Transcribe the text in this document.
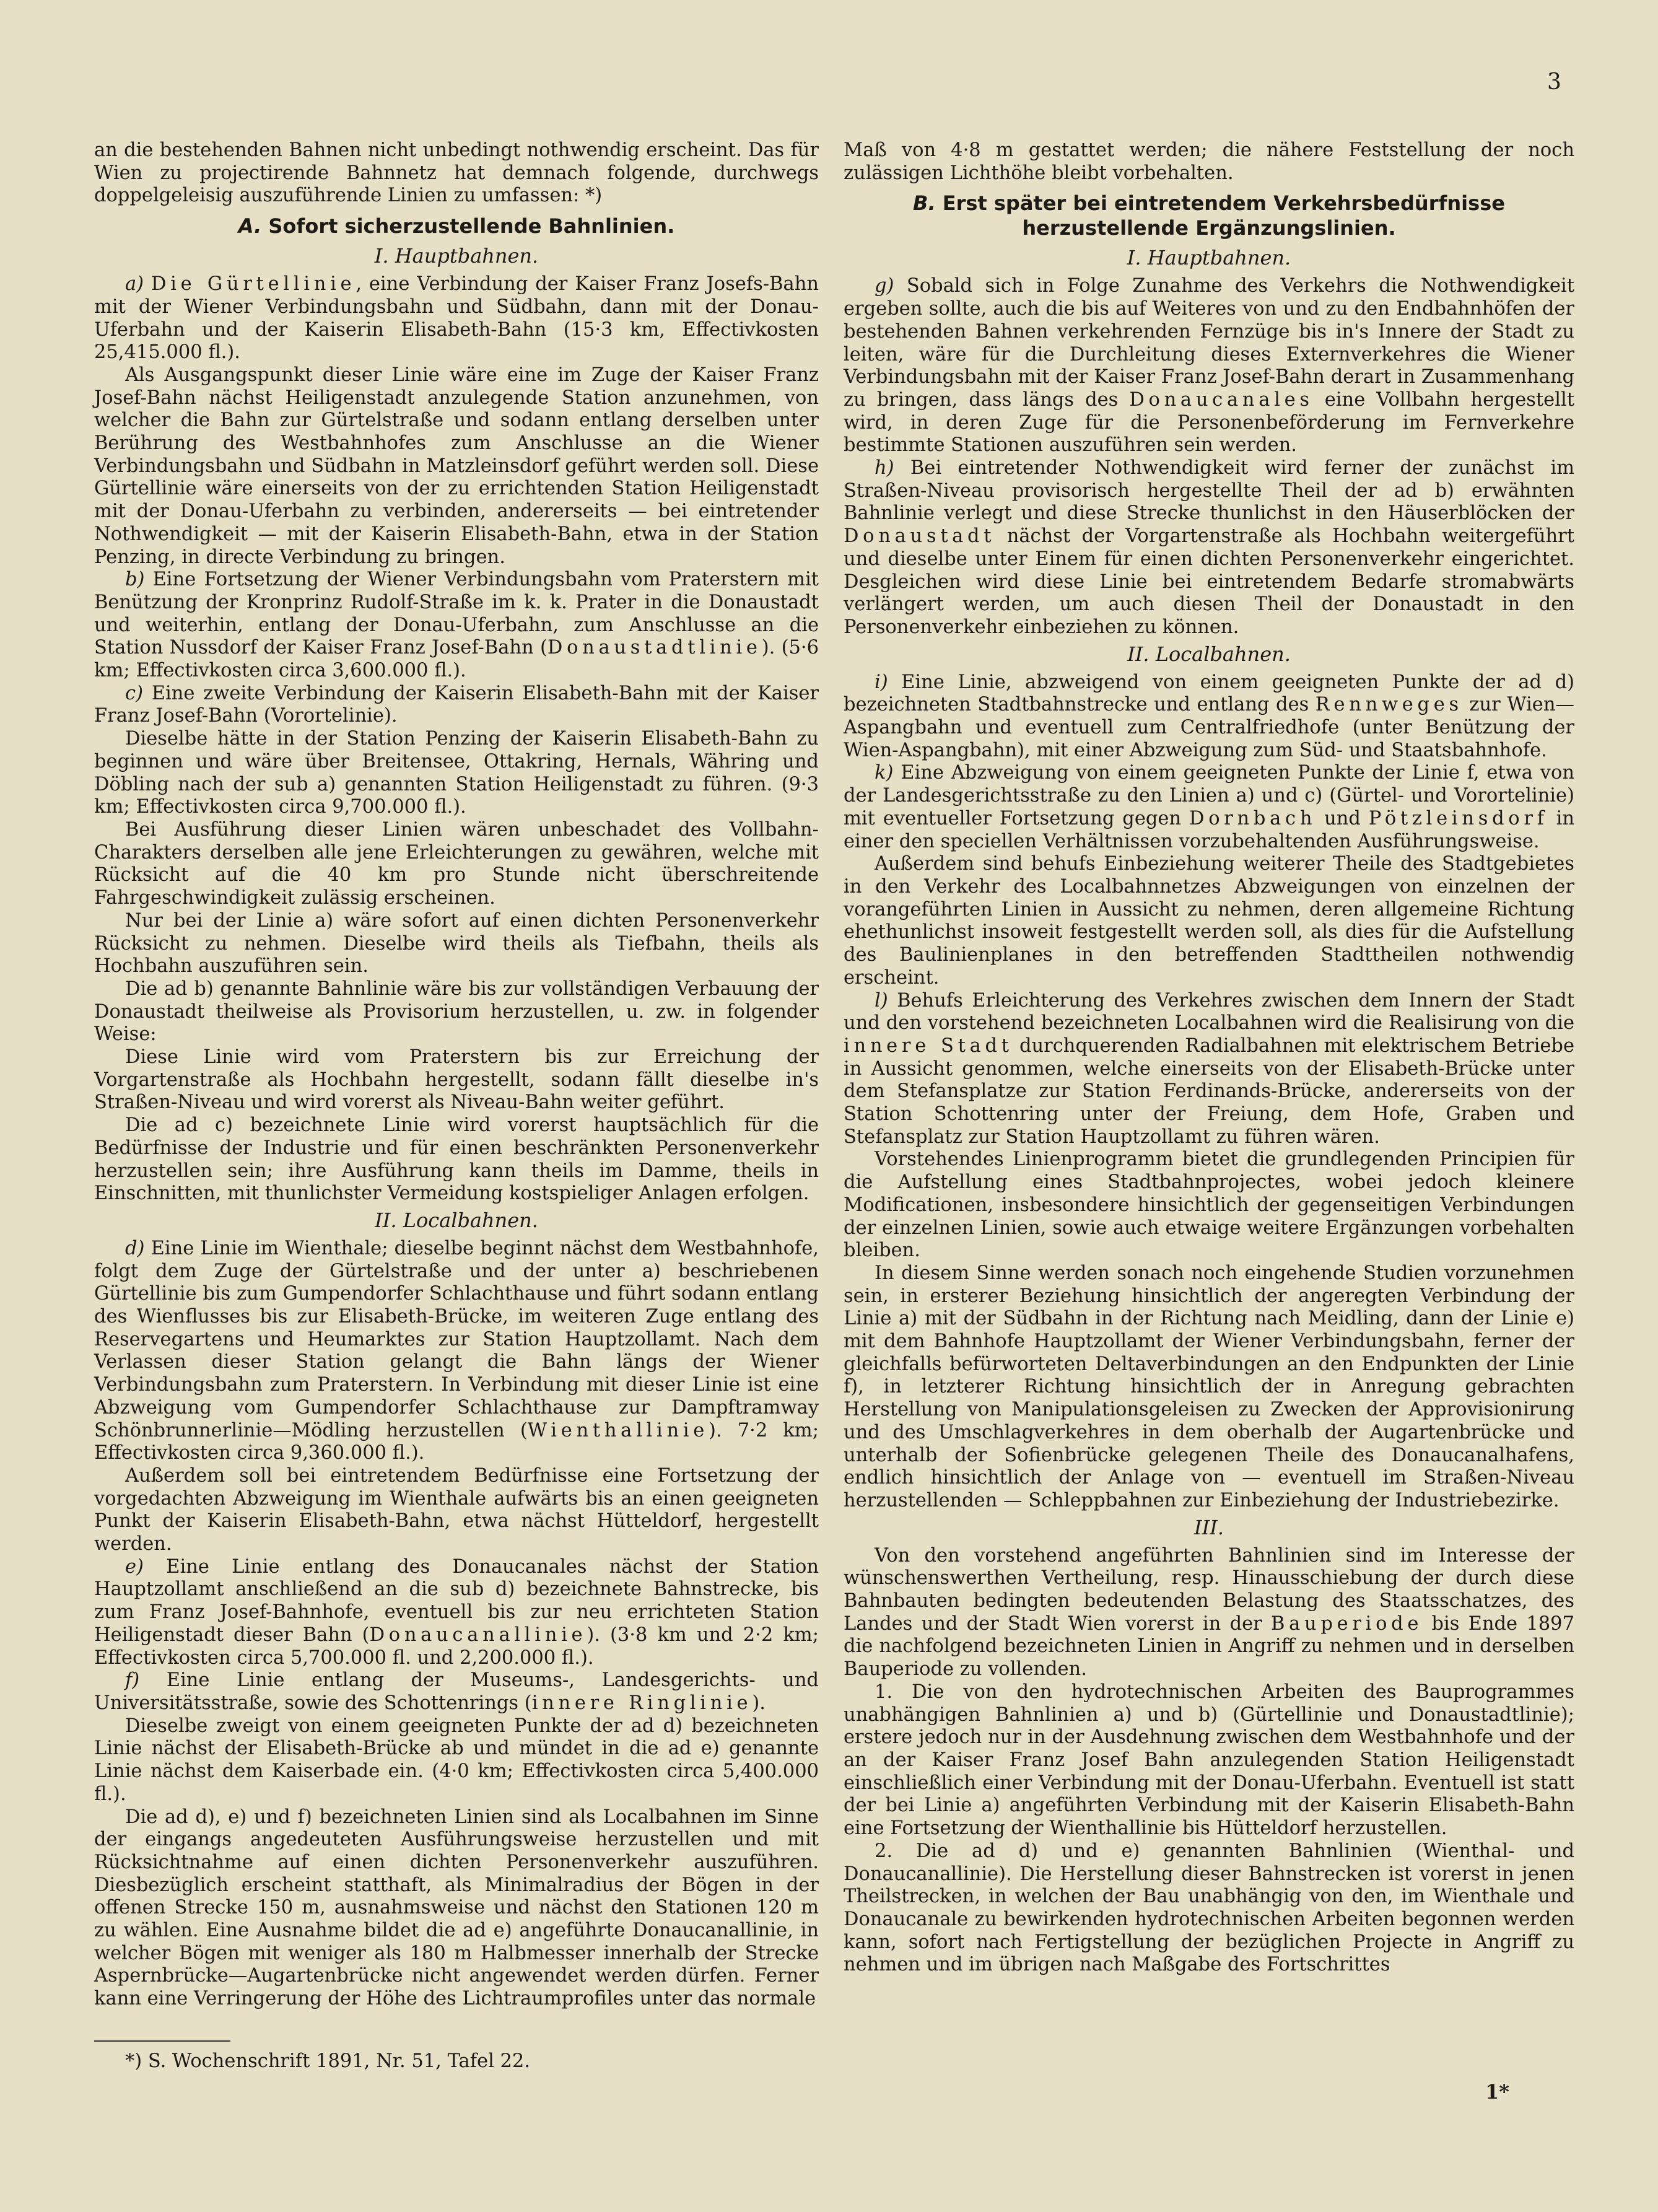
3

an die bestehenden Bahnen nicht unbedingt nothwendig erscheint. Das für Wien zu projectirende Bahnnetz hat demnach folgende, durchwegs doppelgeleisig auszuführende Linien zu umfassen: *)

A. Sofort sicherzustellende Bahnlinien.
I. Hauptbahnen.

a) Die Gürtellinie, eine Verbindung der Kaiser Franz Josefs-Bahn mit der Wiener Verbindungsbahn und Südbahn, dann mit der Donau-Uferbahn und der Kaiserin Elisabeth-Bahn (15·3 km, Effectivkosten 25,415.000 fl.).

Als Ausgangspunkt dieser Linie wäre eine im Zuge der Kaiser Franz Josef-Bahn nächst Heiligenstadt anzulegende Station anzunehmen, von welcher die Bahn zur Gürtelstraße und sodann entlang derselben unter Berührung des Westbahnhofes zum Anschlusse an die Wiener Verbindungsbahn und Südbahn in Matzleinsdorf geführt werden soll. Diese Gürtellinie wäre einerseits von der zu errichtenden Station Heiligenstadt mit der Donau-Uferbahn zu verbinden, andererseits — bei eintretender Nothwendigkeit — mit der Kaiserin Elisabeth-Bahn, etwa in der Station Penzing, in directe Verbindung zu bringen.

b) Eine Fortsetzung der Wiener Verbindungsbahn vom Praterstern mit Benützung der Kronprinz Rudolf-Straße im k. k. Prater in die Donaustadt und weiterhin, entlang der Donau-Uferbahn, zum Anschlusse an die Station Nussdorf der Kaiser Franz Josef-Bahn (Donaustadtlinie). (5·6 km; Effectivkosten circa 3,600.000 fl.).

c) Eine zweite Verbindung der Kaiserin Elisabeth-Bahn mit der Kaiser Franz Josef-Bahn (Vorortelinie).

Dieselbe hätte in der Station Penzing der Kaiserin Elisabeth-Bahn zu beginnen und wäre über Breitensee, Ottakring, Hernals, Währing und Döbling nach der sub a) genannten Station Heiligenstadt zu führen. (9·3 km; Effectivkosten circa 9,700.000 fl.).

Bei Ausführung dieser Linien wären unbeschadet des Vollbahn-Charakters derselben alle jene Erleichterungen zu gewähren, welche mit Rücksicht auf die 40 km pro Stunde nicht überschreitende Fahrgeschwindigkeit zulässig erscheinen.

Nur bei der Linie a) wäre sofort auf einen dichten Personenverkehr Rücksicht zu nehmen. Dieselbe wird theils als Tiefbahn, theils als Hochbahn auszuführen sein.

Die ad b) genannte Bahnlinie wäre bis zur vollständigen Verbauung der Donaustadt theilweise als Provisorium herzustellen, u. zw. in folgender Weise:

Diese Linie wird vom Praterstern bis zur Erreichung der Vorgartenstraße als Hochbahn hergestellt, sodann fällt dieselbe in's Straßen-Niveau und wird vorerst als Niveau-Bahn weiter geführt.

Die ad c) bezeichnete Linie wird vorerst hauptsächlich für die Bedürfnisse der Industrie und für einen beschränkten Personenverkehr herzustellen sein; ihre Ausführung kann theils im Damme, theils in Einschnitten, mit thunlichster Vermeidung kostspieliger Anlagen erfolgen.

II. Localbahnen.

d) Eine Linie im Wienthale; dieselbe beginnt nächst dem Westbahnhofe, folgt dem Zuge der Gürtelstraße und der unter a) beschriebenen Gürtellinie bis zum Gumpendorfer Schlachthause und führt sodann entlang des Wienflusses bis zur Elisabeth-Brücke, im weiteren Zuge entlang des Reservegartens und Heumarktes zur Station Hauptzollamt. Nach dem Verlassen dieser Station gelangt die Bahn längs der Wiener Verbindungsbahn zum Praterstern. In Verbindung mit dieser Linie ist eine Abzweigung vom Gumpendorfer Schlachthause zur Dampftramway Schönbrunnerlinie—Mödling herzustellen (Wienthallinie). 7·2 km; Effectivkosten circa 9,360.000 fl.).

Außerdem soll bei eintretendem Bedürfnisse eine Fortsetzung der vorgedachten Abzweigung im Wienthale aufwärts bis an einen geeigneten Punkt der Kaiserin Elisabeth-Bahn, etwa nächst Hütteldorf, hergestellt werden.

e) Eine Linie entlang des Donaucanales nächst der Station Hauptzollamt anschließend an die sub d) bezeichnete Bahnstrecke, bis zum Franz Josef-Bahnhofe, eventuell bis zur neu errichteten Station Heiligenstadt dieser Bahn (Donaucanallinie). (3·8 km und 2·2 km; Effectivkosten circa 5,700.000 fl. und 2,200.000 fl.).

f) Eine Linie entlang der Museums-, Landesgerichts- und Universitätsstraße, sowie des Schottenrings (innere Ringlinie).

Dieselbe zweigt von einem geeigneten Punkte der ad d) bezeichneten Linie nächst der Elisabeth-Brücke ab und mündet in die ad e) genannte Linie nächst dem Kaiserbade ein. (4·0 km; Effectivkosten circa 5,400.000 fl.).

Die ad d), e) und f) bezeichneten Linien sind als Localbahnen im Sinne der eingangs angedeuteten Ausführungsweise herzustellen und mit Rücksichtnahme auf einen dichten Personenverkehr auszuführen. Diesbezüglich erscheint statthaft, als Minimalradius der Bögen in der offenen Strecke 150 m, ausnahmsweise und nächst den Stationen 120 m zu wählen. Eine Ausnahme bildet die ad e) angeführte Donaucanallinie, in welcher Bögen mit weniger als 180 m Halbmesser innerhalb der Strecke Aspernbrücke—Augartenbrücke nicht angewendet werden dürfen. Ferner kann eine Verringerung der Höhe des Lichtraumprofiles unter das normale

*) S. Wochenschrift 1891, Nr. 51, Tafel 22.

Maß von 4·8 m gestattet werden; die nähere Feststellung der noch zulässigen Lichthöhe bleibt vorbehalten.

B. Erst später bei eintretendem Verkehrsbedürfnisse herzustellende Ergänzungslinien.
I. Hauptbahnen.

g) Sobald sich in Folge Zunahme des Verkehrs die Nothwendigkeit ergeben sollte, auch die bis auf Weiteres von und zu den Endbahnhöfen der bestehenden Bahnen verkehrenden Fernzüge bis in's Innere der Stadt zu leiten, wäre für die Durchleitung dieses Externverkehres die Wiener Verbindungsbahn mit der Kaiser Franz Josef-Bahn derart in Zusammenhang zu bringen, dass längs des Donaucanales eine Vollbahn hergestellt wird, in deren Zuge für die Personenbeförderung im Fernverkehre bestimmte Stationen auszuführen sein werden.

h) Bei eintretender Nothwendigkeit wird ferner der zunächst im Straßen-Niveau provisorisch hergestellte Theil der ad b) erwähnten Bahnlinie verlegt und diese Strecke thunlichst in den Häuserblöcken der Donaustadt nächst der Vorgartenstraße als Hochbahn weitergeführt und dieselbe unter Einem für einen dichten Personenverkehr eingerichtet. Desgleichen wird diese Linie bei eintretendem Bedarfe stromabwärts verlängert werden, um auch diesen Theil der Donaustadt in den Personenverkehr einbeziehen zu können.

II. Localbahnen.

i) Eine Linie, abzweigend von einem geeigneten Punkte der ad d) bezeichneten Stadtbahnstrecke und entlang des Rennweges zur Wien—Aspangbahn und eventuell zum Centralfriedhofe (unter Benützung der Wien-Aspangbahn), mit einer Abzweigung zum Süd- und Staatsbahnhofe.

k) Eine Abzweigung von einem geeigneten Punkte der Linie f, etwa von der Landesgerichtsstraße zu den Linien a) und c) (Gürtel- und Vorortelinie) mit eventueller Fortsetzung gegen Dornbach und Pötzleinsdorf in einer den speciellen Verhältnissen vorzubehaltenden Ausführungsweise.

Außerdem sind behufs Einbeziehung weiterer Theile des Stadtgebietes in den Verkehr des Localbahnnetzes Abzweigungen von einzelnen der vorangeführten Linien in Aussicht zu nehmen, deren allgemeine Richtung ehethunlichst insoweit festgestellt werden soll, als dies für die Aufstellung des Baulinienplanes in den betreffenden Stadttheilen nothwendig erscheint.

l) Behufs Erleichterung des Verkehres zwischen dem Innern der Stadt und den vorstehend bezeichneten Localbahnen wird die Realisirung von die innere Stadt durchquerenden Radialbahnen mit elektrischem Betriebe in Aussicht genommen, welche einerseits von der Elisabeth-Brücke unter dem Stefansplatze zur Station Ferdinands-Brücke, andererseits von der Station Schottenring unter der Freiung, dem Hofe, Graben und Stefansplatz zur Station Hauptzollamt zu führen wären.

Vorstehendes Linienprogramm bietet die grundlegenden Principien für die Aufstellung eines Stadtbahnprojectes, wobei jedoch kleinere Modificationen, insbesondere hinsichtlich der gegenseitigen Verbindungen der einzelnen Linien, sowie auch etwaige weitere Ergänzungen vorbehalten bleiben.

In diesem Sinne werden sonach noch eingehende Studien vorzunehmen sein, in ersterer Beziehung hinsichtlich der angeregten Verbindung der Linie a) mit der Südbahn in der Richtung nach Meidling, dann der Linie e) mit dem Bahnhofe Hauptzollamt der Wiener Verbindungsbahn, ferner der gleichfalls befürworteten Deltaverbindungen an den Endpunkten der Linie f), in letzterer Richtung hinsichtlich der in Anregung gebrachten Herstellung von Manipulationsgeleisen zu Zwecken der Approvisionirung und des Umschlagverkehres in dem oberhalb der Augartenbrücke und unterhalb der Sofienbrücke gelegenen Theile des Donaucanalhafens, endlich hinsichtlich der Anlage von — eventuell im Straßen-Niveau herzustellenden — Schleppbahnen zur Einbeziehung der Industriebezirke.

III.

Von den vorstehend angeführten Bahnlinien sind im Interesse der wünschenswerthen Vertheilung, resp. Hinausschiebung der durch diese Bahnbauten bedingten bedeutenden Belastung des Staatsschatzes, des Landes und der Stadt Wien vorerst in der Bauperiode bis Ende 1897 die nachfolgend bezeichneten Linien in Angriff zu nehmen und in derselben Bauperiode zu vollenden.

1. Die von den hydrotechnischen Arbeiten des Bauprogrammes unabhängigen Bahnlinien a) und b) (Gürtellinie und Donaustadtlinie); erstere jedoch nur in der Ausdehnung zwischen dem Westbahnhofe und der an der Kaiser Franz Josef Bahn anzulegenden Station Heiligenstadt einschließlich einer Verbindung mit der Donau-Uferbahn. Eventuell ist statt der bei Linie a) angeführten Verbindung mit der Kaiserin Elisabeth-Bahn eine Fortsetzung der Wienthallinie bis Hütteldorf herzustellen.

2. Die ad d) und e) genannten Bahnlinien (Wienthal- und Donaucanallinie). Die Herstellung dieser Bahnstrecken ist vorerst in jenen Theilstrecken, in welchen der Bau unabhängig von den, im Wienthale und Donaucanale zu bewirkenden hydrotechnischen Arbeiten begonnen werden kann, sofort nach Fertigstellung der bezüglichen Projecte in Angriff zu nehmen und im übrigen nach Maßgabe des Fortschrittes

1*
